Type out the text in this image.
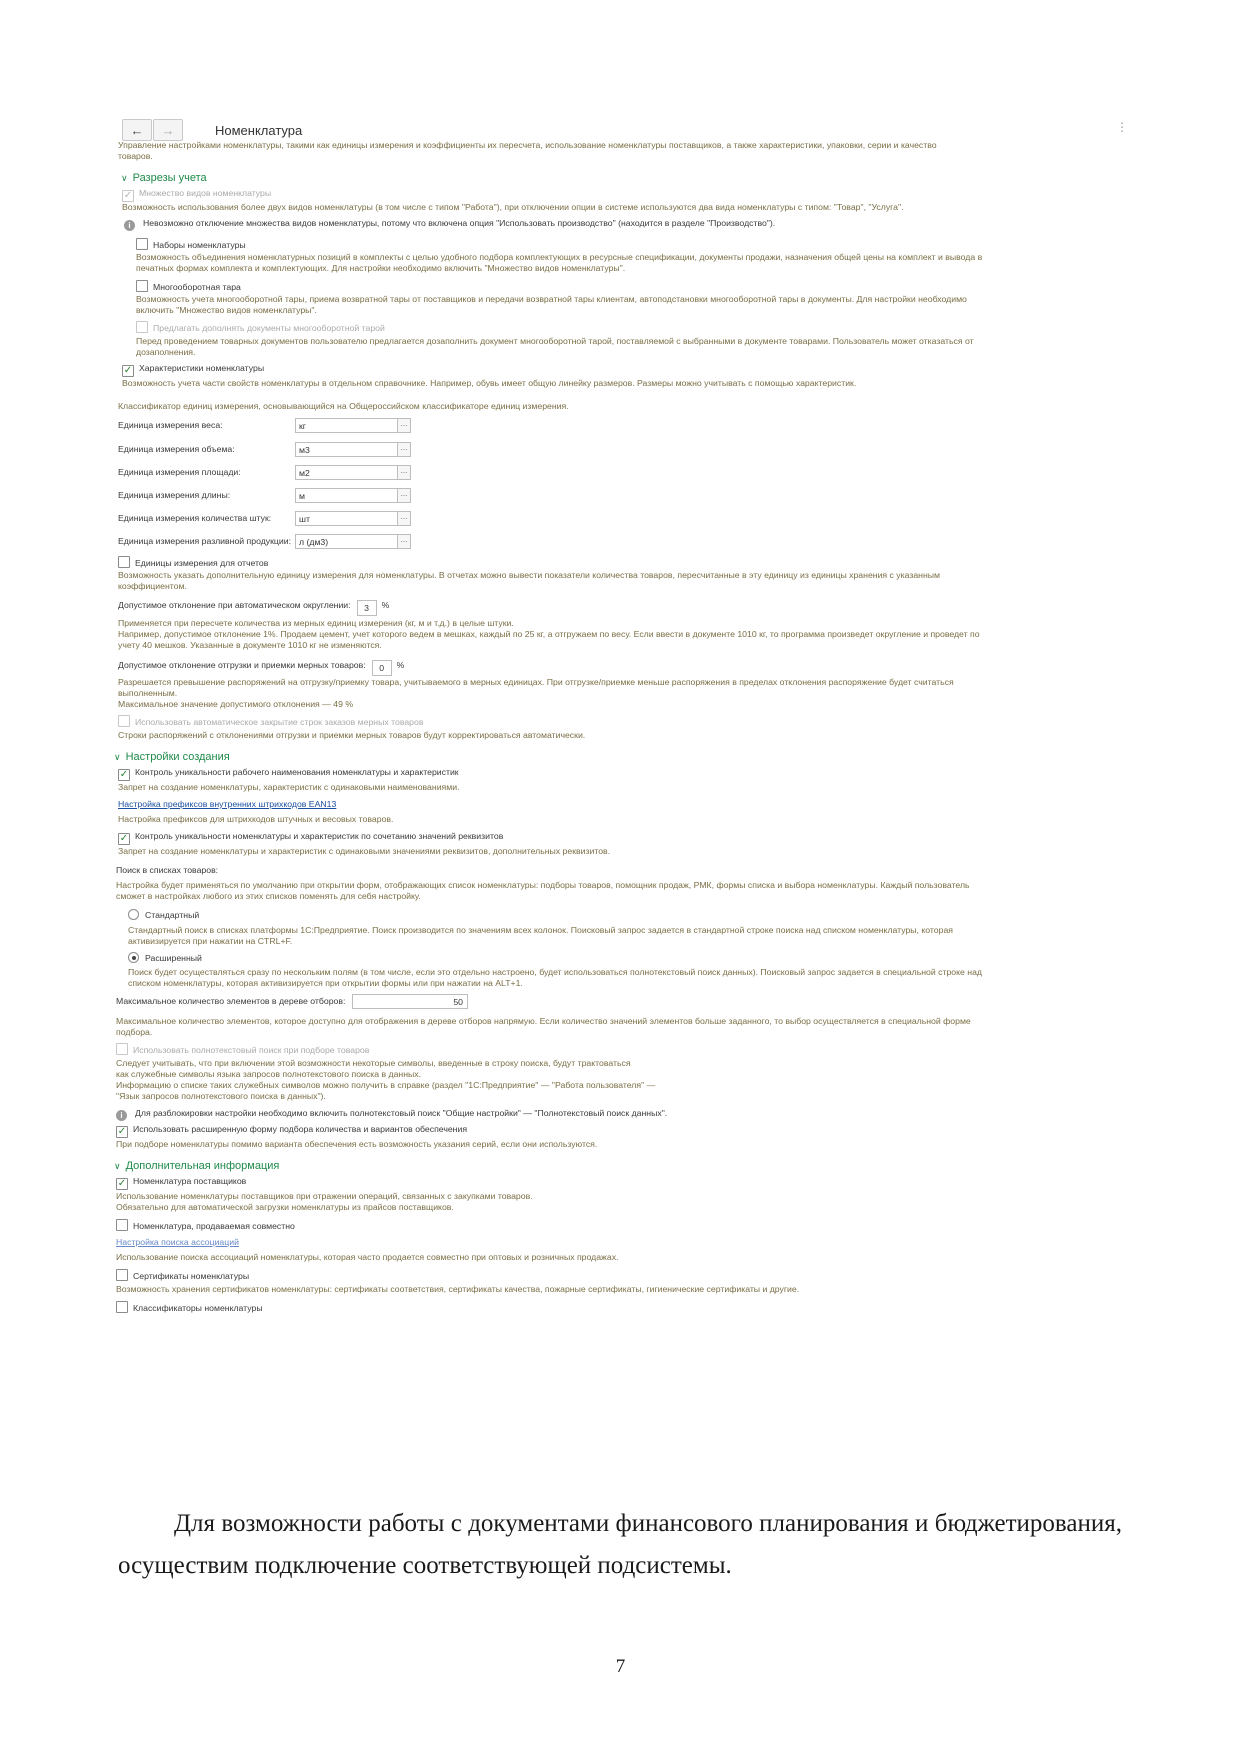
← →	Номенклатура	⋮
Управление настройками номенклатуры, такими как единицы измерения и коэффициенты их пересчета, использование номенклатуры поставщиков, а также характеристики, упаковки, серии и качество
товаров.
∨ Разрезы учета
✓ Множество видов номенклатуры
Возможность использования более двух видов номенклатуры (в том числе с типом "Работа"), при отключении опции в системе используются два вида номенклатуры с типом: "Товар", "Услуга".
i Невозможно отключение множества видов номенклатуры, потому что включена опция "Использовать производство" (находится в разделе "Производство").
Наборы номенклатуры
Возможность объединения номенклатурных позиций в комплекты с целью удобного подбора комплектующих в ресурсные спецификации, документы продажи, назначения общей цены на комплект и вывода в
печатных формах комплекта и комплектующих. Для настройки необходимо включить "Множество видов номенклатуры".
Многооборотная тара
Возможность учета многооборотной тары, приема возвратной тары от поставщиков и передачи возвратной тары клиентам, автоподстановки многооборотной тары в документы. Для настройки необходимо
включить "Множество видов номенклатуры".
Предлагать дополнять документы многооборотной тарой
Перед проведением товарных документов пользователю предлагается дозаполнить документ многооборотной тарой, поставляемой с выбранными в документе товарами. Пользователь может отказаться от
дозаполнения.
✓ Характеристики номенклатуры
Возможность учета части свойств номенклатуры в отдельном справочнике. Например, обувь имеет общую линейку размеров. Размеры можно учитывать с помощью характеристик.
Классификатор единиц измерения, основывающийся на Общероссийском классификаторе единиц измерения.
Единица измерения веса:	кг	...
Единица измерения объема:	м3	...
Единица измерения площади:	м2	...
Единица измерения длины:	м	...
Единица измерения количества штук:	шт	...
Единица измерения разливной продукции: л (дм3)	...
Единицы измерения для отчетов
Возможность указать дополнительную единицу измерения для номенклатуры. В отчетах можно вывести показатели количества товаров, пересчитанные в эту единицу из единицы хранения с указанным
коэффициентом.
Допустимое отклонение при автоматическом округлении: 3 %
Применяется при пересчете количества из мерных единиц измерения (кг, м и т.д.) в целые штуки.
Например, допустимое отклонение 1%. Продаем цемент, учет которого ведем в мешках, каждый по 25 кг, а отгружаем по весу. Если ввести в документе 1010 кг, то программа произведет округление и проведет по
учету 40 мешков. Указанные в документе 1010 кг не изменяются.
Допустимое отклонение отгрузки и приемки мерных товаров: 0 %
Разрешается превышение распоряжений на отгрузку/приемку товара, учитываемого в мерных единицах. При отгрузке/приемке меньше распоряжения в пределах отклонения распоряжение будет считаться
выполненным.
Максимальное значение допустимого отклонения — 49 %
Использовать автоматическое закрытие строк заказов мерных товаров
Строки распоряжений с отклонениями отгрузки и приемки мерных товаров будут корректироваться автоматически.
∨ Настройки создания
✓ Контроль уникальности рабочего наименования номенклатуры и характеристик
Запрет на создание номенклатуры, характеристик с одинаковыми наименованиями.
Настройка префиксов внутренних штрихкодов EAN13
Настройка префиксов для штрихкодов штучных и весовых товаров.
✓ Контроль уникальности номенклатуры и характеристик по сочетанию значений реквизитов
Запрет на создание номенклатуры и характеристик с одинаковыми значениями реквизитов, дополнительных реквизитов.
Поиск в списках товаров:
Настройка будет применяться по умолчанию при открытии форм, отображающих список номенклатуры: подборы товаров, помощник продаж, РМК, формы списка и выбора номенклатуры. Каждый пользователь
сможет в настройках любого из этих списков поменять для себя настройку.
Стандартный
Стандартный поиск в списках платформы 1С:Предприятие. Поиск производится по значениям всех колонок. Поисковый запрос задается в стандартной строке поиска над списком номенклатуры, которая
активизируется при нажатии на CTRL+F.
Расширенный
Поиск будет осуществляться сразу по нескольким полям (в том числе, если это отдельно настроено, будет использоваться полнотекстовый поиск данных). Поисковый запрос задается в специальной строке над
списком номенклатуры, которая активизируется при открытии формы или при нажатии на ALT+1.
Максимальное количество элементов в дереве отборов:	50
Максимальное количество элементов, которое доступно для отображения в дереве отборов напрямую. Если количество значений элементов больше заданного, то выбор осуществляется в специальной форме
подбора.
Использовать полнотекстовый поиск при подборе товаров
Следует учитывать, что при включении этой возможности некоторые символы, введенные в строку поиска, будут трактоваться
как служебные символы языка запросов полнотекстового поиска в данных.
Информацию о списке таких служебных символов можно получить в справке (раздел "1С:Предприятие" — "Работа пользователя" —
"Язык запросов полнотекстового поиска в данных").
i Для разблокировки настройки необходимо включить полнотекстовый поиск "Общие настройки" — "Полнотекстовый поиск данных".
✓ Использовать расширенную форму подбора количества и вариантов обеспечения
При подборе номенклатуры помимо варианта обеспечения есть возможность указания серий, если они используются.
∨ Дополнительная информация
✓ Номенклатура поставщиков
Использование номенклатуры поставщиков при отражении операций, связанных с закупками товаров.
Обязательно для автоматической загрузки номенклатуры из прайсов поставщиков.
Номенклатура, продаваемая совместно
Настройка поиска ассоциаций
Использование поиска ассоциаций номенклатуры, которая часто продается совместно при оптовых и розничных продажах.
Сертификаты номенклатуры
Возможность хранения сертификатов номенклатуры: сертификаты соответствия, сертификаты качества, пожарные сертификаты, гигиенические сертификаты и другие.
Классификаторы номенклатуры
Для возможности работы с документами финансового планирования и бюджетирования, осуществим подключение соответствующей подсистемы.
7
